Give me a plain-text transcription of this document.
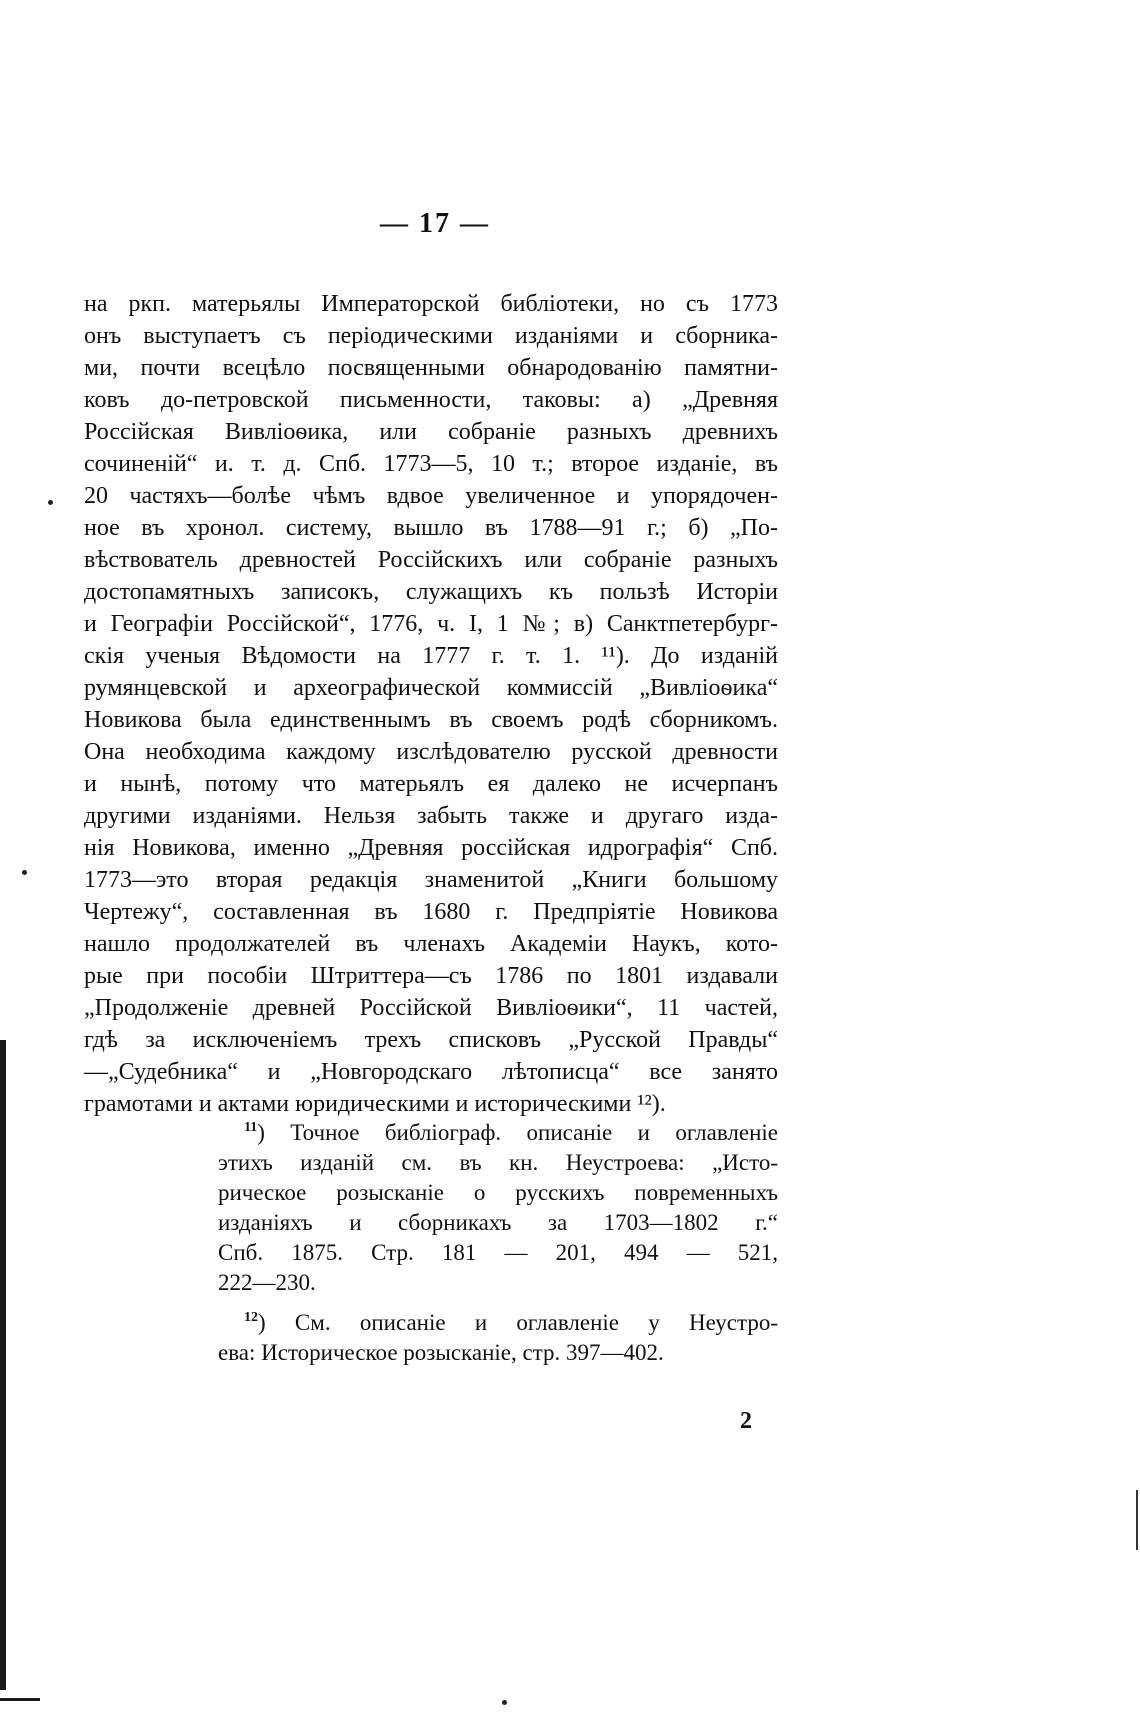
— 17 —
на ркп. матерьялы Императорской библіотеки, но съ 1773
онъ выступаетъ съ періодическими изданіями и сборника-
ми, почти всецѣло посвященными обнародованію памятни-
ковъ до-петровской письменности, таковы: а) „Древняя
Россійская Вивліоѳика, или собраніе разныхъ древнихъ
сочиненій“ и. т. д. Спб. 1773—5, 10 т.; второе изданіе, въ
20 частяхъ—болѣе чѣмъ вдвое увеличенное и упорядочен-
ное въ хронол. систему, вышло въ 1788—91 г.; б) „По-
вѣствователь древностей Россійскихъ или собраніе разныхъ
достопамятныхъ записокъ, служащихъ къ пользѣ Исторіи
и Географіи Россійской“, 1776, ч. I, 1 №; в) Санктпетербург-
скія ученыя Вѣдомости на 1777 г. т. 1. ¹¹). До изданій
румянцевской и археографической коммиссій „Вивліоѳика“
Новикова была единственнымъ въ своемъ родѣ сборникомъ.
Она необходима каждому изслѣдователю русской древности
и нынѣ, потому что матерьялъ ея далеко не исчерпанъ
другими изданіями. Нельзя забыть также и другаго изда-
нія Новикова, именно „Древняя россійская идрографія“ Спб.
1773—это вторая редакція знаменитой „Книги большому
Чертежу“, составленная въ 1680 г. Предпріятіе Новикова
нашло продолжателей въ членахъ Академіи Наукъ, кото-
рые при пособіи Штриттера—съ 1786 по 1801 издавали
„Продолженіе древней Россійской Вивліоѳики“, 11 частей,
гдѣ за исключеніемъ трехъ списковъ „Русской Правды“
—„Судебника“ и „Новгородскаго лѣтописца“ все занято
грамотами и актами юридическими и историческими ¹²).
$^{11}$) Точное библіограф. описаніе и оглавленіе
этихъ изданій см. въ кн. Неустроева: „Исто-
рическое розысканіе о русскихъ повременныхъ
изданіяхъ и сборникахъ за 1703—1802 г.“
Спб. 1875. Стр. 181 — 201, 494 — 521,
222—230.
$^{12}$) См. описаніе и оглавленіе у Неустро-
ева: Историческое розысканіе, стр. 397—402.
2
